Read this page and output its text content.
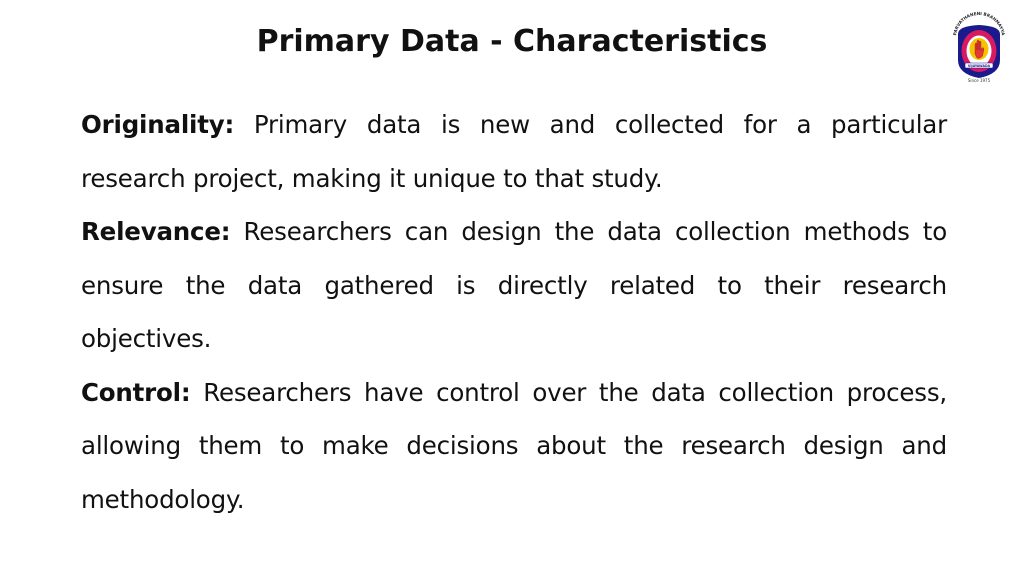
Primary Data - Characteristics	PARVATHANENI BRAHMAYYA
VIJAYAWADA
Since 1975

Originality: Primary data is new and collected for a particular research project, making it unique to that study.

Relevance: Researchers can design the data collection methods to ensure the data gathered is directly related to their research objectives.

Control: Researchers have control over the data collection process, allowing them to make decisions about the research design and methodology.
